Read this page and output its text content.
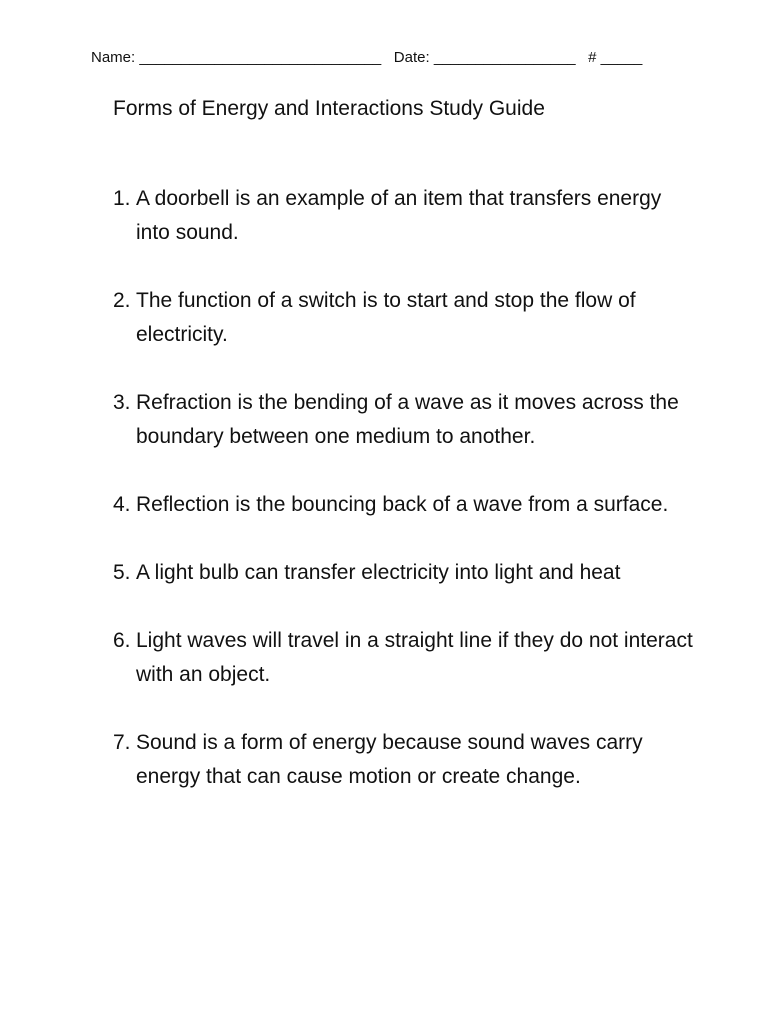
Name: _____________________________ Date: _________________ # _____
Forms of Energy and Interactions Study Guide
1. A doorbell is an example of an item that transfers energy into sound.
2. The function of a switch is to start and stop the flow of electricity.
3. Refraction is the bending of a wave as it moves across the boundary between one medium to another.
4. Reflection is the bouncing back of a wave from a surface.
5. A light bulb can transfer electricity into light and heat
6. Light waves will travel in a straight line if they do not interact with an object.
7. Sound is a form of energy because sound waves carry energy that can cause motion or create change.
